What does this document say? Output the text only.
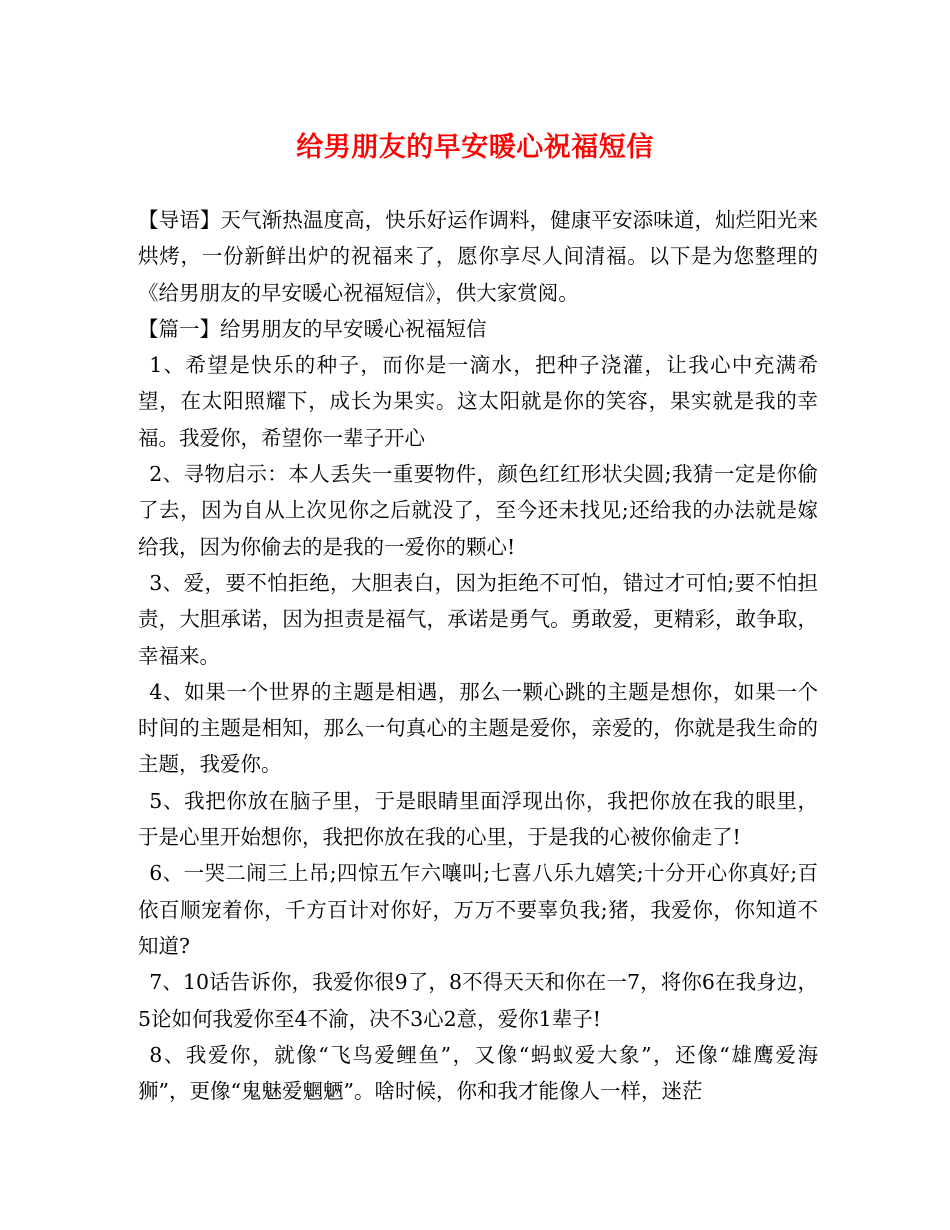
给男朋友的早安暖心祝福短信

【导语】天气渐热温度高，快乐好运作调料，健康平安添味道，灿烂阳光来烘烤，一份新鲜出炉的祝福来了，愿你享尽人间清福。以下是为您整理的《给男朋友的早安暖心祝福短信》，供大家赏阅。

【篇一】给男朋友的早安暖心祝福短信

1、希望是快乐的种子，而你是一滴水，把种子浇灌，让我心中充满希望，在太阳照耀下，成长为果实。这太阳就是你的笑容，果实就是我的幸福。我爱你，希望你一辈子开心

2、寻物启示：本人丢失一重要物件，颜色红红形状尖圆;我猜一定是你偷了去，因为自从上次见你之后就没了，至今还未找见;还给我的办法就是嫁给我，因为你偷去的是我的一爱你的颗心!

3、爱，要不怕拒绝，大胆表白，因为拒绝不可怕，错过才可怕;要不怕担责，大胆承诺，因为担责是福气，承诺是勇气。勇敢爱，更精彩，敢争取，幸福来。

4、如果一个世界的主题是相遇，那么一颗心跳的主题是想你，如果一个时间的主题是相知，那么一句真心的主题是爱你，亲爱的，你就是我生命的主题，我爱你。

5、我把你放在脑子里，于是眼睛里面浮现出你，我把你放在我的眼里，于是心里开始想你，我把你放在我的心里，于是我的心被你偷走了!

6、一哭二闹三上吊;四惊五乍六嚷叫;七喜八乐九嬉笑;十分开心你真好;百依百顺宠着你，千方百计对你好，万万不要辜负我;猪，我爱你，你知道不知道?

7、10话告诉你，我爱你很9了，8不得天天和你在一7，将你6在我身边，5论如何我爱你至4不渝，决不3心2意，爱你1辈子!

8、我爱你，就像“飞鸟爱鲤鱼”，又像“蚂蚁爱大象”，还像“雄鹰爱海狮”，更像“鬼魅爱魍魉”。啥时候，你和我才能像人一样，迷茫
